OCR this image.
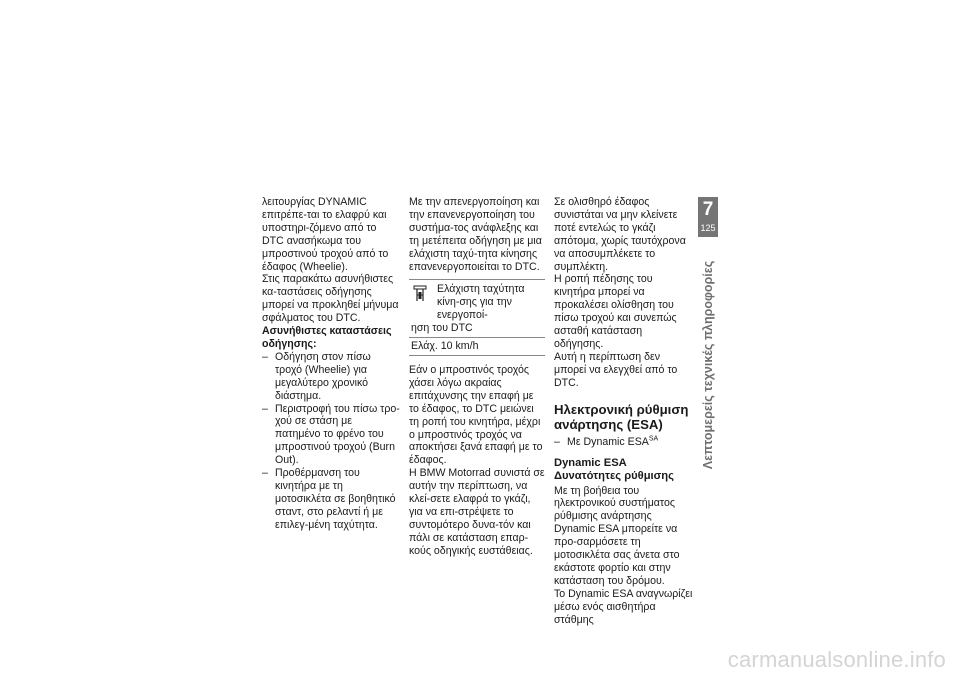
λειτουργίας DYNAMIC επιτρέπε-ται το ελαφρύ και υποστηρι-ζόμενο από το DTC ανασήκωμα του μπροστινού τροχού από το έδαφος (Wheelie).

Στις παρακάτω ασυνήθιστες κα-ταστάσεις οδήγησης μπορεί να προκληθεί μήνυμα σφάλματος του DTC.

Ασυνήθιστες καταστάσεις οδήγησης:

– Οδήγηση στον πίσω τροχό (Wheelie) για μεγαλύτερο χρονικό διάστημα.

– Περιστροφή του πίσω τρο-χού σε στάση με πατημένο το φρένο του μπροστινού τροχού (Burn Out).

– Προθέρμανση του κινητήρα με τη μοτοσικλέτα σε βοηθητικό σταντ, στο ρελαντί ή με επιλεγ-μένη ταχύτητα.

Με την απενεργοποίηση και την επανενεργοποίηση του συστήμα-τος ανάφλεξης και τη μετέπειτα οδήγηση με μια ελάχιστη ταχύ-τητα κίνησης επανενεργοποιείται το DTC.

Ελάχιστη ταχύτητα κίνη-σης για την ενεργοποί-
ηση του DTC
Ελάχ. 10 km/h

Εάν ο μπροστινός τροχός χάσει λόγω ακραίας επιτάχυνσης την επαφή με το έδαφος, το DTC μειώνει τη ροπή του κινητήρα, μέχρι ο μπροστινός τροχός να αποκτήσει ξανά επαφή με το έδαφος.

Η BMW Motorrad συνιστά σε αυτήν την περίπτωση, να κλεί-σετε ελαφρά το γκάζι, για να επι-στρέψετε το συντομότερο δυνα-τόν και πάλι σε κατάσταση επαρ-κούς οδηγικής ευστάθειας.

Σε ολισθηρό έδαφος συνιστάται να μην κλείνετε ποτέ εντελώς το γκάζι απότομα, χωρίς ταυτόχρονα να αποσυμπλέκετε το συμπλέκτη.

Η ροπή πέδησης του κινητήρα μπορεί να προκαλέσει ολίσθηση του πίσω τροχού και συνεπώς ασταθή κατάσταση οδήγησης.

Αυτή η περίπτωση δεν μπορεί να ελεγχθεί από το DTC.

Ηλεκτρονική ρύθμιση ανάρτησης (ESA)

– Με Dynamic $ESA^{SA}$

Dynamic ESA Δυνατότητες ρύθμισης

Με τη βοήθεια του ηλεκτρονικού συστήματος ρύθμισης ανάρτησης Dynamic ESA μπορείτε να προ-σαρμόσετε τη μοτοσικλέτα σας άνετα στο εκάστοτε φορτίο και στην κατάσταση του δρόμου.

Το Dynamic ESA αναγνωρίζει μέσω ενός αισθητήρα στάθμης

7
125
Λεπτομερείς τεχνικές πληροφορίες
carmanualsonline.info
